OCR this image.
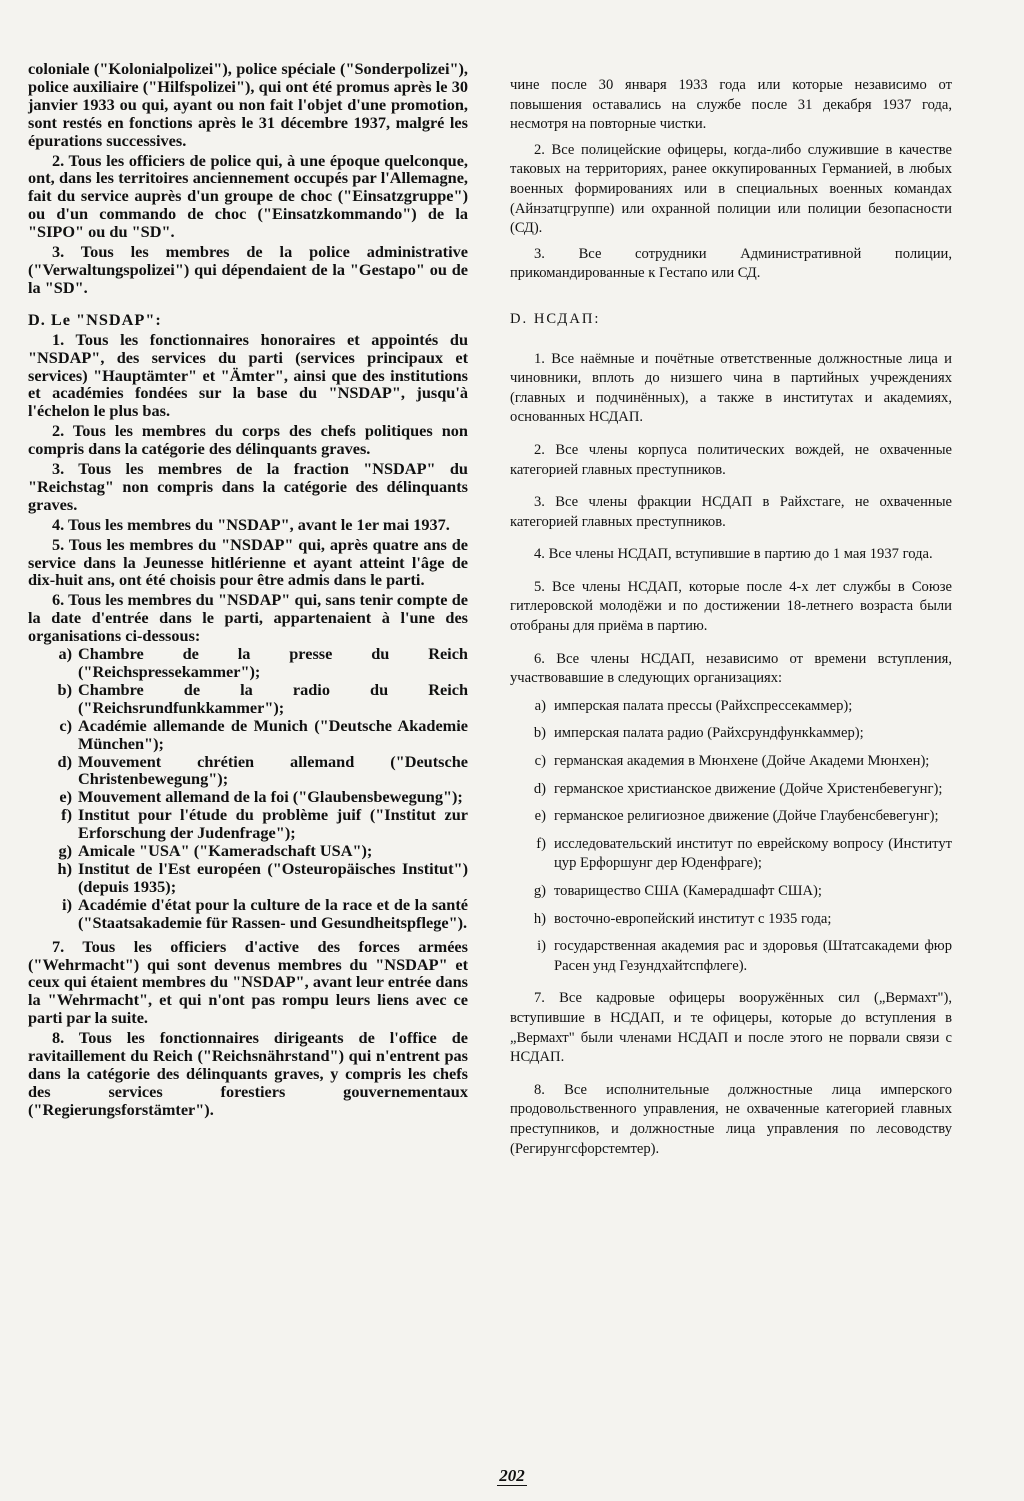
coloniale ("Kolonialpolizei"), police spéciale ("Sonderpolizei"), police auxiliaire ("Hilfspolizei"), qui ont été promus après le 30 janvier 1933 ou qui, ayant ou non fait l'objet d'une promotion, sont restés en fonctions après le 31 décembre 1937, malgré les épurations successives.

2. Tous les officiers de police qui, à une époque quelconque, ont, dans les territoires anciennement occupés par l'Allemagne, fait du service auprès d'un groupe de choc ("Einsatzgruppe") ou d'un commando de choc ("Einsatzkommando") de la "SIPO" ou du "SD".

3. Tous les membres de la police administrative ("Verwaltungspolizei") qui dépendaient de la "Gestapo" ou de la "SD".

D. Le "NSDAP":

1. Tous les fonctionnaires honoraires et appointés du "NSDAP", des services du parti (services principaux et services) "Hauptämter" et "Ämter", ainsi que des institutions et académies fondées sur la base du "NSDAP", jusqu'à l'échelon le plus bas.

2. Tous les membres du corps des chefs politiques non compris dans la catégorie des délinquants graves.

3. Tous les membres de la fraction "NSDAP" du "Reichstag" non compris dans la catégorie des délinquants graves.

4. Tous les membres du "NSDAP", avant le 1er mai 1937.

5. Tous les membres du "NSDAP" qui, après quatre ans de service dans la Jeunesse hitlérienne et ayant atteint l'âge de dix-huit ans, ont été choisis pour être admis dans le parti.

6. Tous les membres du "NSDAP" qui, sans tenir compte de la date d'entrée dans le parti, appartenaient à l'une des organisations ci-dessous:

a) Chambre de la presse du Reich ("Reichspressekammer");
b) Chambre de la radio du Reich ("Reichsrundfunkkammer");
c) Académie allemande de Munich ("Deutsche Akademie München");
d) Mouvement chrétien allemand ("Deutsche Christenbewegung");
e) Mouvement allemand de la foi ("Glaubensbewegung");
f) Institut pour l'étude du problème juif ("Institut zur Erforschung der Judenfrage");
g) Amicale "USA" ("Kameradschaft USA");
h) Institut de l'Est européen ("Osteuropäisches Institut") (depuis 1935);
i) Académie d'état pour la culture de la race et de la santé ("Staatsakademie für Rassen- und Gesundheitspflege").

7. Tous les officiers d'active des forces armées ("Wehrmacht") qui sont devenus membres du "NSDAP" et ceux qui étaient membres du "NSDAP", avant leur entrée dans la "Wehrmacht", et qui n'ont pas rompu leurs liens avec ce parti par la suite.

8. Tous les fonctionnaires dirigeants de l'office de ravitaillement du Reich ("Reichsnährstand") qui n'entrent pas dans la catégorie des délinquants graves, y compris les chefs des services forestiers gouvernementaux ("Regierungsforstämter").

чине после 30 января 1933 года или которые независимо от повышения оставались на службе после 31 декабря 1937 года, несмотря на повторные чистки.

2. Все полицейские офицеры, когда-либо служившие в качестве таковых на территориях, ранее оккупированных Германией, в любых военных формированиях или в специальных военных командах (Айнзатцгруппе) или охранной полиции или полиции безопасности (СД).

3. Все сотрудники Административной полиции, прикомандированные к Гестапо или СД.

D. НСДАП:

1. Все наёмные и почётные ответственные должностные лица и чиновники, вплоть до низшего чина в партийных учреждениях (главных и подчинённых), а также в институтах и академиях, основанных НСДАП.

2. Все члены корпуса политических вождей, не охваченные категорией главных преступников.

3. Все члены фракции НСДАП в Райхстаге, не охваченные категорией главных преступников.

4. Все члены НСДАП, вступившие в партию до 1 мая 1937 года.

5. Все члены НСДАП, которые после 4-х лет службы в Союзе гитлеровской молодёжи и по достижении 18-летнего возраста были отобраны для приёма в партию.

6. Все члены НСДАП, независимо от времени вступления, участвовавшие в следующих организациях:

a) имперская палата прессы (Райхспрессекаммер);
b) имперская палата радио (Райхсрундфункkаммер);
c) германская академия в Мюнхене (Дойче Академи Мюнхен);
d) германское христианское движение (Дойче Христенбевегунг);
e) германское религиозное движение (Дойче Глаубенсбевегунг);
f) исследовательский институт по еврейскому вопросу (Институт цур Ерфоршунг дер Юденфраге);
g) товарищество США (Камерадшафт США);
h) восточно-европейский институт с 1935 года;
i) государственная академия рас и здоровья (Штатсакадеми фюр Расен унд Гезундхайтспфлеге).

7. Все кадровые офицеры вооружённых сил („Вермахт"), вступившие в НСДАП, и те офицеры, которые до вступления в „Вермахт" были членами НСДАП и после этого не порвали связи с НСДАП.

8. Все исполнительные должностные лица имперского продовольственного управления, не охваченные категорией главных преступников, и должностные лица управления по лесоводству (Регирунгсфорстемтер).

202
